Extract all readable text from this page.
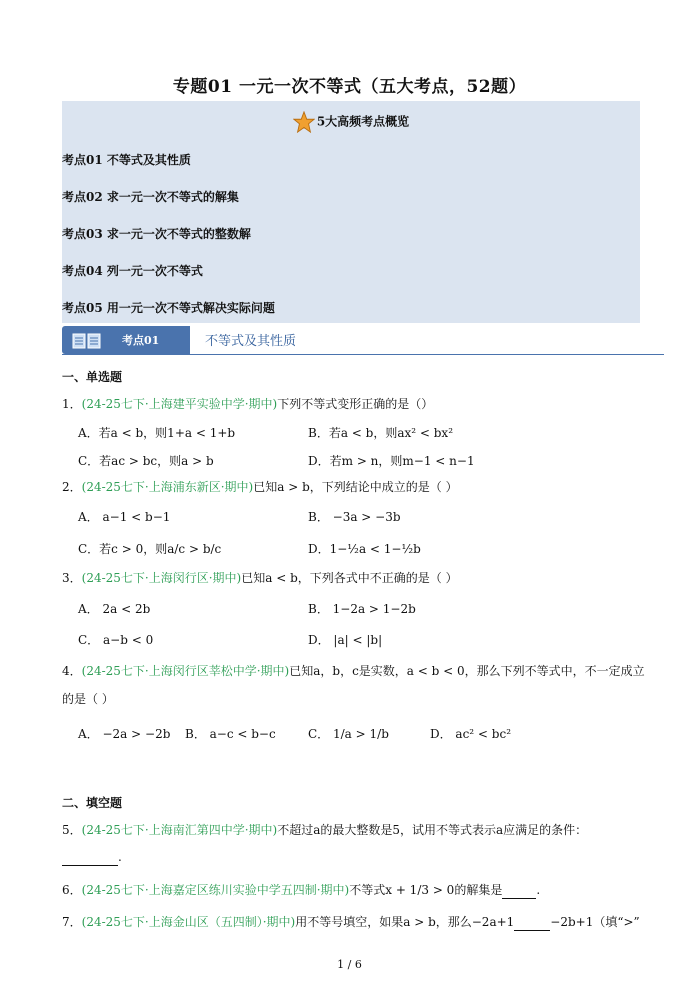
专题01 一元一次不等式（五大考点，52题）
5大高频考点概览
考点01 不等式及其性质
考点02 求一元一次不等式的解集
考点03 求一元一次不等式的整数解
考点04 列一元一次不等式
考点05 用一元一次不等式解决实际问题
考点01	不等式及其性质
一、单选题
1．(24-25七下·上海建平实验中学·期中)下列不等式变形正确的是（）
A．若a < b，则1+a < 1+b	B．若a < b，则ax² < bx²
C．若ac > bc，则a > b	D．若m > n，则m−1 < n−1
2．(24-25七下·上海浦东新区·期中)已知a > b，下列结论中成立的是（ ）
A． a−1 < b−1	B． −3a > −3b
C．若c > 0，则a/c > b/c	D．1−½a < 1−½b
3．(24-25七下·上海闵行区·期中)已知a < b，下列各式中不正确的是（ ）
A． 2a < 2b	B． 1−2a > 1−2b
C． a−b < 0	D． |a| < |b|
4．(24-25七下·上海闵行区莘松中学·期中)已知a，b，c是实数，a < b < 0，那么下列不等式中，不一定成立
的是（ ）
A． −2a > −2b B． a−c < b−c	C． 1/a > 1/b	D． ac² < bc²
二、填空题
5．(24-25七下·上海南汇第四中学·期中)不超过a的最大整数是5，试用不等式表示a应满足的条件：
.
6．(24-25七下·上海嘉定区练川实验中学五四制·期中)不等式x + 1/3 > 0的解集是	.
7．(24-25七下·上海金山区（五四制）·期中)用不等号填空，如果a > b，那么−2a+1	−2b+1（填“>”
1 / 6
